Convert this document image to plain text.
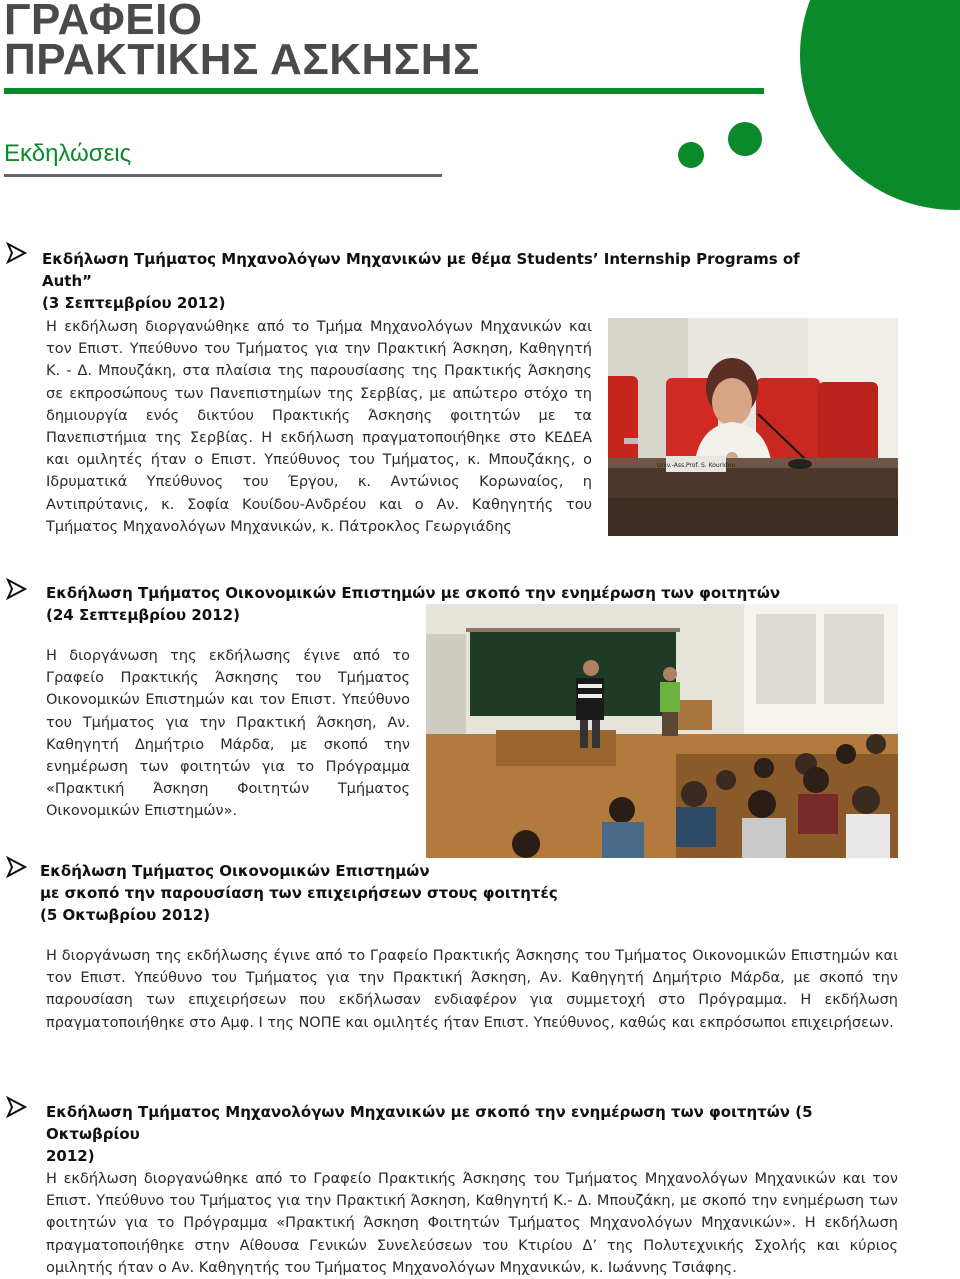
ΓΡΑΦΕΙΟ
ΠΡΑΚΤΙΚΗΣ ΑΣΚΗΣΗΣ
Εκδηλώσεις
Εκδήλωση Τμήματος Μηχανολόγων Μηχανικών με θέμα Students’ Internship Programs of Auth”
(3 Σεπτεμβρίου 2012)

Η εκδήλωση διοργανώθηκε από το Τμήμα Μηχανολόγων Μηχανικών και τον Επιστ. Υπεύθυνο του Τμήματος για την Πρακτική Άσκηση, Καθηγητή Κ. - Δ. Μπουζάκη, στα πλαίσια της παρουσίασης της Πρακτικής Άσκησης σε εκπροσώπους των Πανεπιστημίων της Σερβίας, με απώτερο στόχο τη δημιουργία ενός δικτύου Πρακτικής Άσκησης φοιτητών με τα Πανεπιστήμια της Σερβίας. Η εκδήλωση πραγματοποιήθηκε στο ΚΕΔΕΑ και ομιλητές ήταν ο Επιστ. Υπεύθυνος του Τμήματος, κ. Μπουζάκης, ο Ιδρυματικά Υπεύθυνος του Έργου, κ. Αντώνιος Κορωναίος, η Αντιπρύτανις, κ. Σοφία Κουίδου-Ανδρέου και ο Αν. Καθηγητής του Τμήματος Μηχανολόγων Μηχανικών, κ. Πάτροκλος Γεωργιάδης

Univ.-Ass.Prof. S. Kouridou
Εκδήλωση Τμήματος Οικονομικών Επιστημών με σκοπό την ενημέρωση των φοιτητών
(24 Σεπτεμβρίου 2012)

Η διοργάνωση της εκδήλωσης έγινε από το Γραφείο Πρακτικής Άσκησης του Τμήματος Οικονομικών Επιστημών και τον Επιστ. Υπεύθυνο του Τμήματος για την Πρακτική Άσκηση, Αν. Καθηγητή Δημήτριο Μάρδα, με σκοπό την ενημέρωση των φοιτητών για το Πρόγραμμα «Πρακτική Άσκηση Φοιτητών Τμήματος Οικονομικών Επιστημών».

Εκδήλωση Τμήματος Οικονομικών Επιστημών
με σκοπό την παρουσίαση των επιχειρήσεων στους φοιτητές
(5 Οκτωβρίου 2012)

Η διοργάνωση της εκδήλωσης έγινε από το Γραφείο Πρακτικής Άσκησης του Τμήματος Οικονομικών Επιστημών και τον Επιστ. Υπεύθυνο του Τμήματος για την Πρακτική Άσκηση, Αν. Καθηγητή Δημήτριο Μάρδα, με σκοπό την παρουσίαση των επιχειρήσεων που εκδήλωσαν ενδιαφέρον για συμμετοχή στο Πρόγραμμα. Η εκδήλωση πραγματοποιήθηκε στο Αμφ. Ι της ΝΟΠΕ και ομιλητές ήταν Επιστ. Υπεύθυνος, καθώς και εκπρόσωποι επιχειρήσεων.

Εκδήλωση Τμήματος Μηχανολόγων Μηχανικών με σκοπό την ενημέρωση των φοιτητών (5 Οκτωβρίου
2012)

Η εκδήλωση διοργανώθηκε από το Γραφείο Πρακτικής Άσκησης του Τμήματος Μηχανολόγων Μηχανικών και τον Επιστ. Υπεύθυνο του Τμήματος για την Πρακτική Άσκηση, Καθηγητή Κ.- Δ. Μπουζάκη, με σκοπό την ενημέρωση των φοιτητών για το Πρόγραμμα «Πρακτική Άσκηση Φοιτητών Τμήματος Μηχανολόγων Μηχανικών». Η εκδήλωση πραγματοποιήθηκε στην Αίθουσα Γενικών Συνελεύσεων του Κτιρίου Δ’ της Πολυτεχνικής Σχολής και κύριος ομιλητής ήταν ο Αν. Καθηγητής του Τμήματος Μηχανολόγων Μηχανικών, κ. Ιωάννης Τσιάφης.
